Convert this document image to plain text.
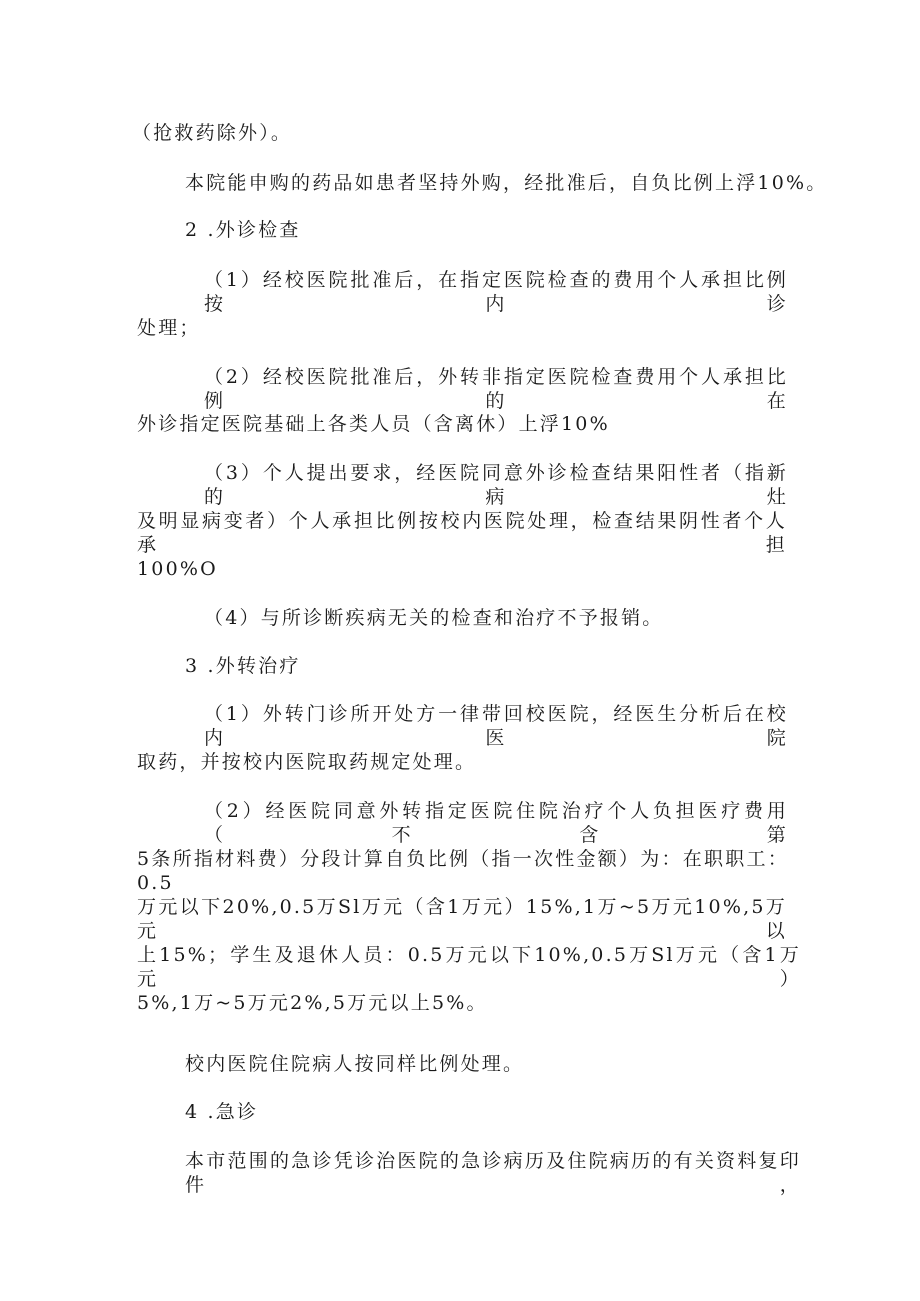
（抢救药除外）。
本院能申购的药品如患者坚持外购，经批准后，自负比例上浮10%。
2 .外诊检查
（1）经校医院批准后，在指定医院检查的费用个人承担比例按内诊
处理；
（2）经校医院批准后，外转非指定医院检查费用个人承担比例的在
外诊指定医院基础上各类人员（含离休）上浮10%
（3）个人提出要求，经医院同意外诊检查结果阳性者（指新的病灶
及明显病变者）个人承担比例按校内医院处理，检查结果阴性者个人承担
100%O
（4）与所诊断疾病无关的检查和治疗不予报销。
3 .外转治疗
（1）外转门诊所开处方一律带回校医院，经医生分析后在校内医院
取药，并按校内医院取药规定处理。
（2）经医院同意外转指定医院住院治疗个人负担医疗费用（不含第
5条所指材料费）分段计算自负比例（指一次性金额）为：在职职工：0.5
万元以下20%,0.5万Sl万元（含1万元）15%,1万~5万元10%,5万元以
上15%；学生及退休人员：0.5万元以下10%,0.5万Sl万元（含1万元）
5%,1万~5万元2%,5万元以上5%。
校内医院住院病人按同样比例处理。
4 .急诊
本市范围的急诊凭诊治医院的急诊病历及住院病历的有关资料复印件，
